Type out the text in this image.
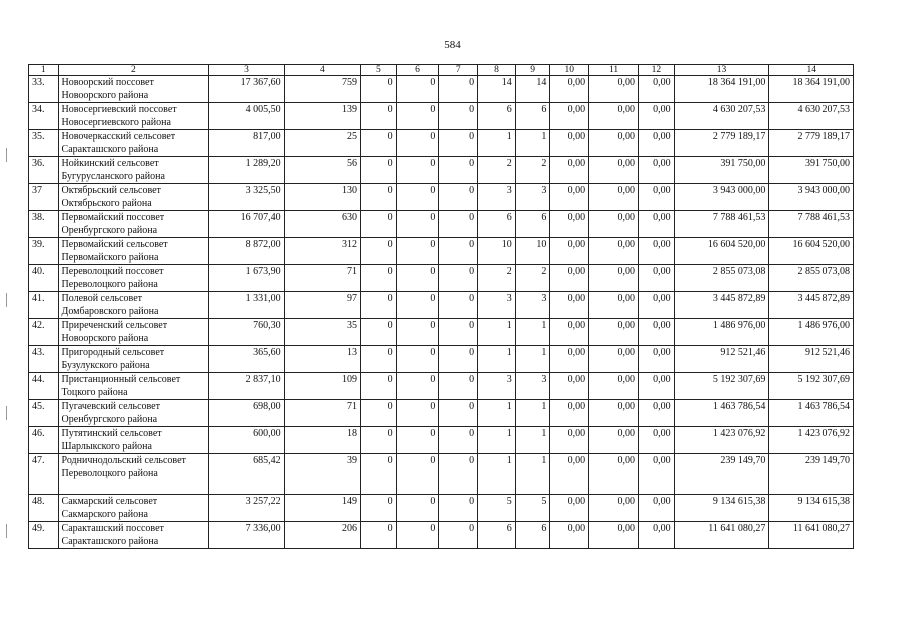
584
1	2	3	4	5	6	7	8	9	10	11	12	13	14
33.	Новоорский поссовет Новоорского района	17 367,60	759	0	0	0	14	14	0,00	0,00	0,00	18 364 191,00	18 364 191,00
34.	Новосергиевский поссовет Новосергиевского района	4 005,50	139	0	0	0	6	6	0,00	0,00	0,00	4 630 207,53	4 630 207,53
35.	Новочеркасский сельсовет Саракташского района	817,00	25	0	0	0	1	1	0,00	0,00	0,00	2 779 189,17	2 779 189,17
36.	Нойкинский сельсовет Бугурусланского района	1 289,20	56	0	0	0	2	2	0,00	0,00	0,00	391 750,00	391 750,00
37	Октябрьский сельсовет Октябрьского района	3 325,50	130	0	0	0	3	3	0,00	0,00	0,00	3 943 000,00	3 943 000,00
38.	Первомайский поссовет Оренбургского района	16 707,40	630	0	0	0	6	6	0,00	0,00	0,00	7 788 461,53	7 788 461,53
39.	Первомайский сельсовет Первомайского района	8 872,00	312	0	0	0	10	10	0,00	0,00	0,00	16 604 520,00	16 604 520,00
40.	Переволоцкий поссовет Переволоцкого района	1 673,90	71	0	0	0	2	2	0,00	0,00	0,00	2 855 073,08	2 855 073,08
41.	Полевой сельсовет Домбаровского района	1 331,00	97	0	0	0	3	3	0,00	0,00	0,00	3 445 872,89	3 445 872,89
42.	Приреченский сельсовет Новоорского района	760,30	35	0	0	0	1	1	0,00	0,00	0,00	1 486 976,00	1 486 976,00
43.	Пригородный сельсовет Бузулукского района	365,60	13	0	0	0	1	1	0,00	0,00	0,00	912 521,46	912 521,46
44.	Пристанционный сельсовет Тоцкого района	2 837,10	109	0	0	0	3	3	0,00	0,00	0,00	5 192 307,69	5 192 307,69
45.	Пугачевский сельсовет Оренбургского района	698,00	71	0	0	0	1	1	0,00	0,00	0,00	1 463 786,54	1 463 786,54
46.	Путятинский сельсовет Шарлыкского района	600,00	18	0	0	0	1	1	0,00	0,00	0,00	1 423 076,92	1 423 076,92
47.	Родничнодольский сельсовет Переволоцкого района	685,42	39	0	0	0	1	1	0,00	0,00	0,00	239 149,70	239 149,70
48.	Сакмарский сельсовет Сакмарского района	3 257,22	149	0	0	0	5	5	0,00	0,00	0,00	9 134 615,38	9 134 615,38
49.	Саракташский поссовет Саракташского района	7 336,00	206	0	0	0	6	6	0,00	0,00	0,00	11 641 080,27	11 641 080,27
